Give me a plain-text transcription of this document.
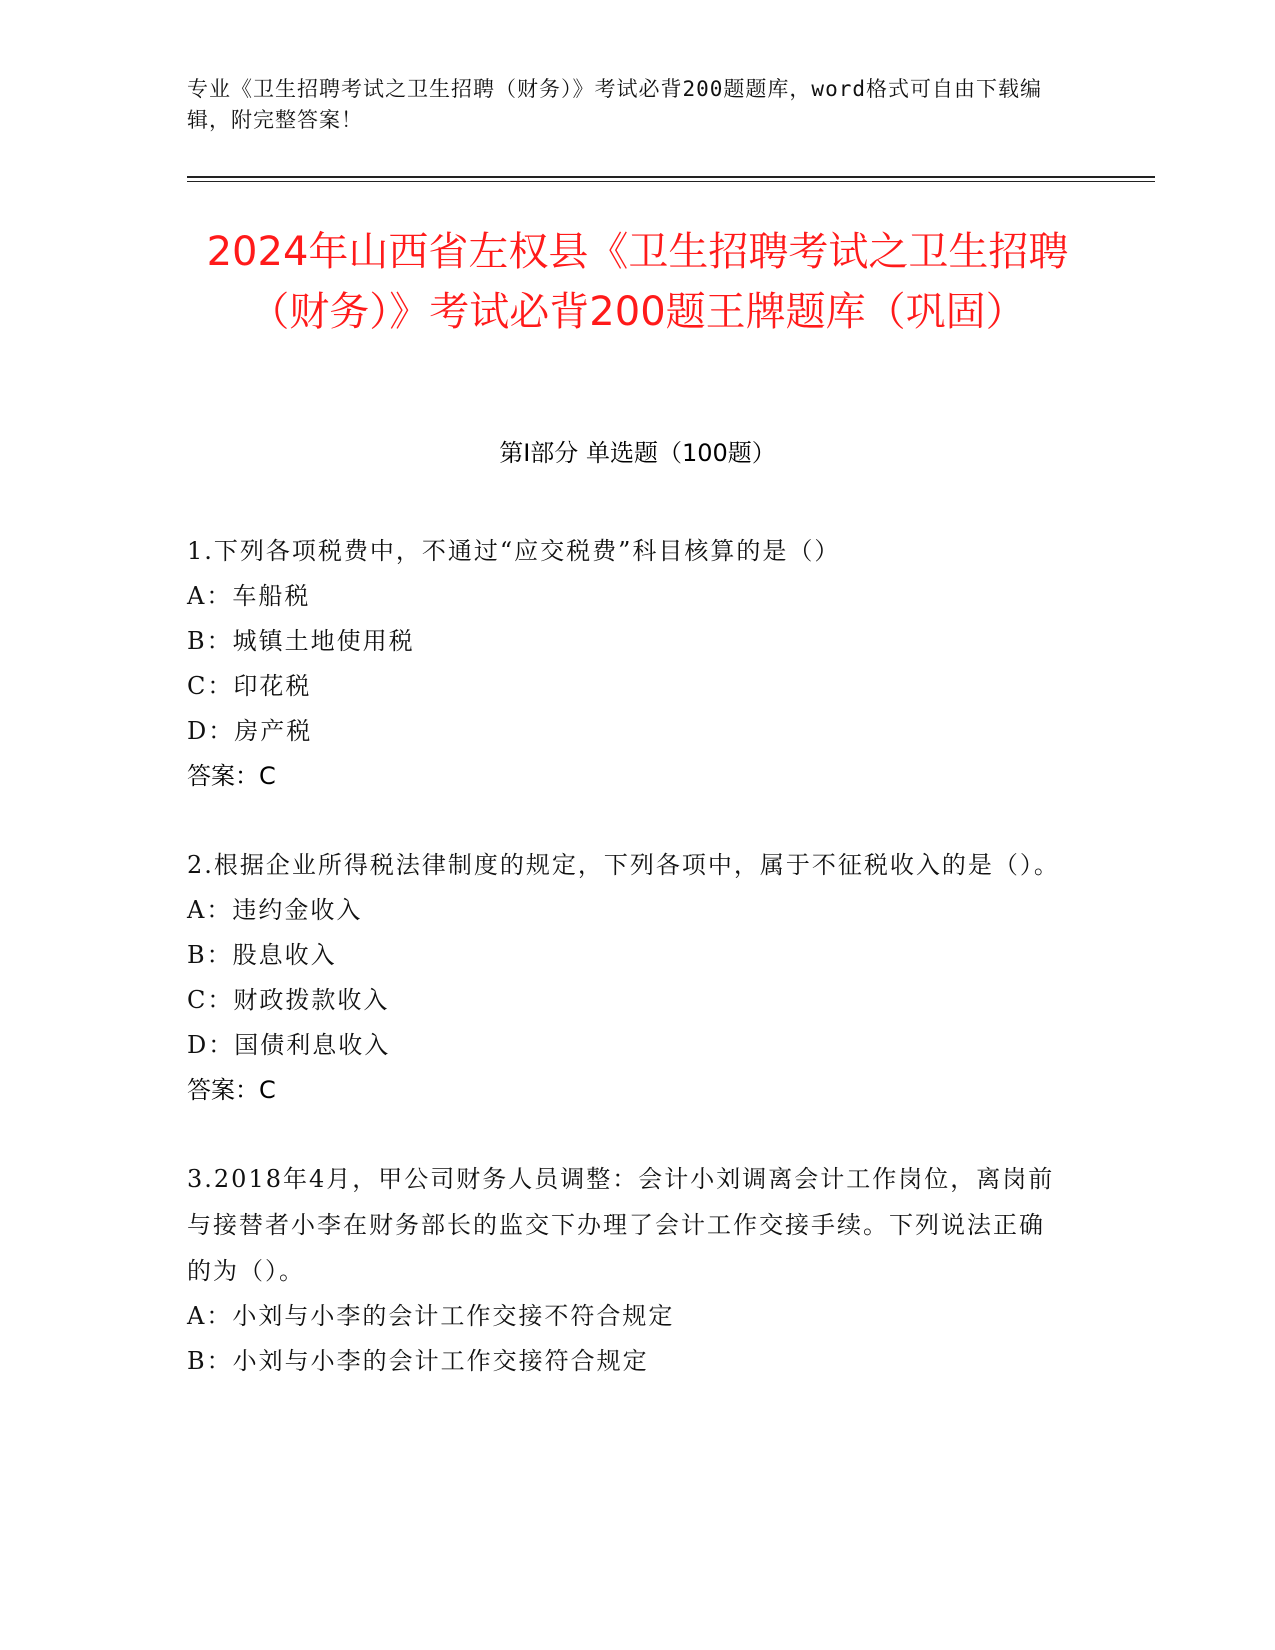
专业《卫生招聘考试之卫生招聘（财务）》考试必背200题题库，word格式可自由下载编辑，附完整答案！
2024年山西省左权县《卫生招聘考试之卫生招聘（财务）》考试必背200题王牌题库（巩固）
第Ⅰ部分 单选题（100题）
1.下列各项税费中，不通过“应交税费”科目核算的是（）
A：车船税
B：城镇土地使用税
C：印花税
D：房产税
答案：C
2.根据企业所得税法律制度的规定，下列各项中，属于不征税收入的是（）。
A：违约金收入
B：股息收入
C：财政拨款收入
D：国债利息收入
答案：C
3.2018年4月，甲公司财务人员调整：会计小刘调离会计工作岗位，离岗前与接替者小李在财务部长的监交下办理了会计工作交接手续。下列说法正确的为（）。
A：小刘与小李的会计工作交接不符合规定
B：小刘与小李的会计工作交接符合规定
